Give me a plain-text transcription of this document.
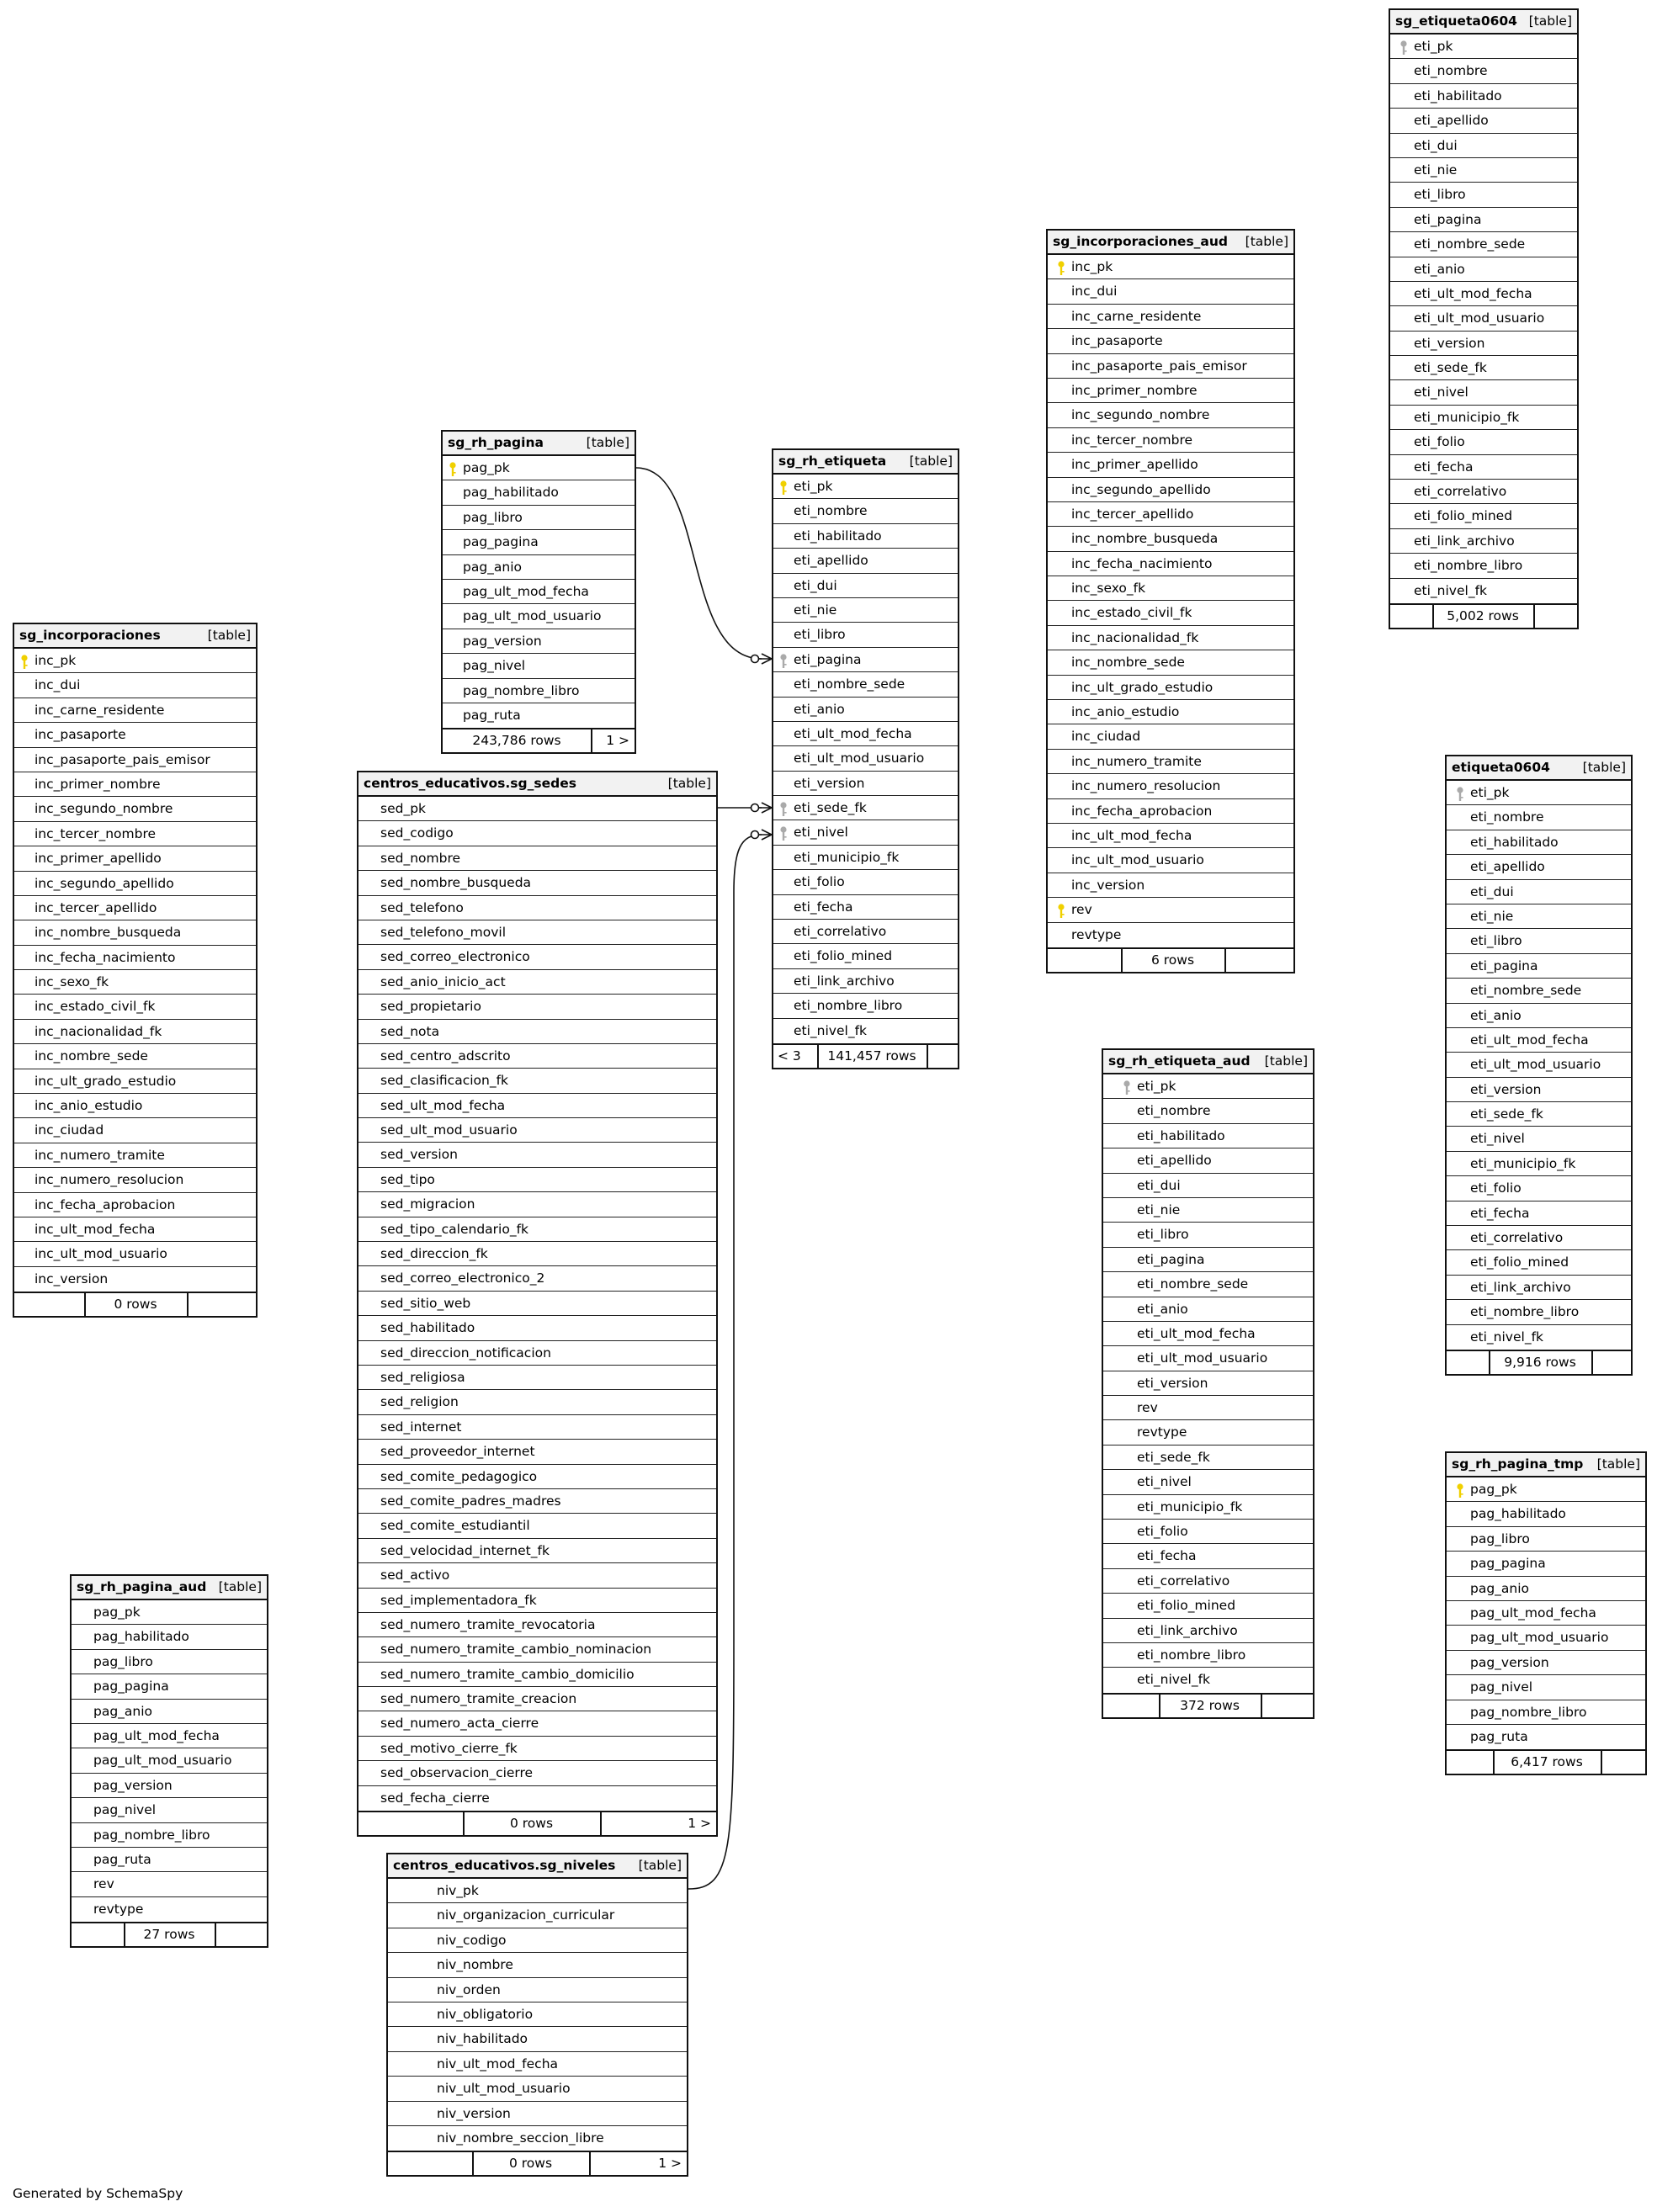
sg_etiqueta0604 [table]
eti_pk
eti_nombre
eti_habilitado
eti_apellido
eti_dui
eti_nie
eti_libro
eti_pagina
eti_nombre_sede
eti_anio
eti_ult_mod_fecha
eti_ult_mod_usuario
eti_version
eti_sede_fk
eti_nivel
eti_municipio_fk
eti_folio
eti_fecha
eti_correlativo
eti_folio_mined
eti_link_archivo
eti_nombre_libro
eti_nivel_fk
5,002 rows
sg_incorporaciones_aud [table]
inc_pk
inc_dui
inc_carne_residente
inc_pasaporte
inc_pasaporte_pais_emisor
inc_primer_nombre
inc_segundo_nombre
inc_tercer_nombre
inc_primer_apellido
inc_segundo_apellido
inc_tercer_apellido
inc_nombre_busqueda
inc_fecha_nacimiento
inc_sexo_fk
inc_estado_civil_fk
inc_nacionalidad_fk
inc_nombre_sede
inc_ult_grado_estudio
inc_anio_estudio
inc_ciudad
inc_numero_tramite
inc_numero_resolucion
inc_fecha_aprobacion
inc_ult_mod_fecha
inc_ult_mod_usuario
inc_version
rev
revtype
6 rows
sg_rh_pagina	[table]
pag_pk
pag_habilitado
pag_libro
pag_pagina
pag_anio
pag_ult_mod_fecha
pag_ult_mod_usuario
pag_version
pag_nivel
pag_nombre_libro
pag_ruta
243,786 rows	1 >
sg_rh_etiqueta [table]
eti_pk
eti_nombre
eti_habilitado
eti_apellido
eti_dui
eti_nie
eti_libro
eti_pagina
eti_nombre_sede
eti_anio
eti_ult_mod_fecha
eti_ult_mod_usuario
eti_version
eti_sede_fk
eti_nivel
eti_municipio_fk
eti_folio
eti_fecha
eti_correlativo
eti_folio_mined
eti_link_archivo
eti_nombre_libro
eti_nivel_fk
141,457 rows
< 3
etiqueta0604	[table]
eti_pk
eti_nombre
eti_habilitado
eti_apellido
eti_dui
eti_nie
eti_libro
eti_pagina
eti_nombre_sede
eti_anio
eti_ult_mod_fecha
eti_ult_mod_usuario
eti_version
eti_sede_fk
eti_nivel
eti_municipio_fk
eti_folio
eti_fecha
eti_correlativo
eti_folio_mined
eti_link_archivo
eti_nombre_libro
eti_nivel_fk
9,916 rows
sg_incorporaciones	[table]
inc_pk
inc_dui
inc_carne_residente
inc_pasaporte
inc_pasaporte_pais_emisor
inc_primer_nombre
inc_segundo_nombre
inc_tercer_nombre
inc_primer_apellido
inc_segundo_apellido
inc_tercer_apellido
inc_nombre_busqueda
inc_fecha_nacimiento
inc_sexo_fk
inc_estado_civil_fk
inc_nacionalidad_fk
inc_nombre_sede
inc_ult_grado_estudio
inc_anio_estudio
inc_ciudad
inc_numero_tramite
inc_numero_resolucion
inc_fecha_aprobacion
inc_ult_mod_fecha
inc_ult_mod_usuario
inc_version
0 rows
centros_educativos.sg_sedes	[table]
sed_pk
sed_codigo
sed_nombre
sed_nombre_busqueda
sed_telefono
sed_telefono_movil
sed_correo_electronico
sed_anio_inicio_act
sed_propietario
sed_nota
sed_centro_adscrito
sed_clasificacion_fk
sed_ult_mod_fecha
sed_ult_mod_usuario
sed_version
sed_tipo
sed_migracion
sed_tipo_calendario_fk
sed_direccion_fk
sed_correo_electronico_2
sed_sitio_web
sed_habilitado
sed_direccion_notificacion
sed_religiosa
sed_religion
sed_internet
sed_proveedor_internet
sed_comite_pedagogico
sed_comite_padres_madres
sed_comite_estudiantil
sed_velocidad_internet_fk
sed_activo
sed_implementadora_fk
sed_numero_tramite_revocatoria
sed_numero_tramite_cambio_nominacion
sed_numero_tramite_cambio_domicilio
sed_numero_tramite_creacion
sed_numero_acta_cierre
sed_motivo_cierre_fk
sed_observacion_cierre
sed_fecha_cierre
0 rows	1 >
sg_rh_etiqueta_aud [table]
eti_pk
eti_nombre
eti_habilitado
eti_apellido
eti_dui
eti_nie
eti_libro
eti_pagina
eti_nombre_sede
eti_anio
eti_ult_mod_fecha
eti_ult_mod_usuario
eti_version
rev
revtype
eti_sede_fk
eti_nivel
eti_municipio_fk
eti_folio
eti_fecha
eti_correlativo
eti_folio_mined
eti_link_archivo
eti_nombre_libro
eti_nivel_fk
372 rows
sg_rh_pagina_tmp [table]
pag_pk
pag_habilitado
pag_libro
pag_pagina
pag_anio
pag_ult_mod_fecha
pag_ult_mod_usuario
pag_version
pag_nivel
pag_nombre_libro
pag_ruta
6,417 rows
sg_rh_pagina_aud [table]
pag_pk
pag_habilitado
pag_libro
pag_pagina
pag_anio
pag_ult_mod_fecha
pag_ult_mod_usuario
pag_version
pag_nivel
pag_nombre_libro
pag_ruta
rev
revtype
27 rows
centros_educativos.sg_niveles [table]
niv_pk
niv_organizacion_curricular
niv_codigo
niv_nombre
niv_orden
niv_obligatorio
niv_habilitado
niv_ult_mod_fecha
niv_ult_mod_usuario
niv_version
niv_nombre_seccion_libre
0 rows	1 >
Generated by SchemaSpy
